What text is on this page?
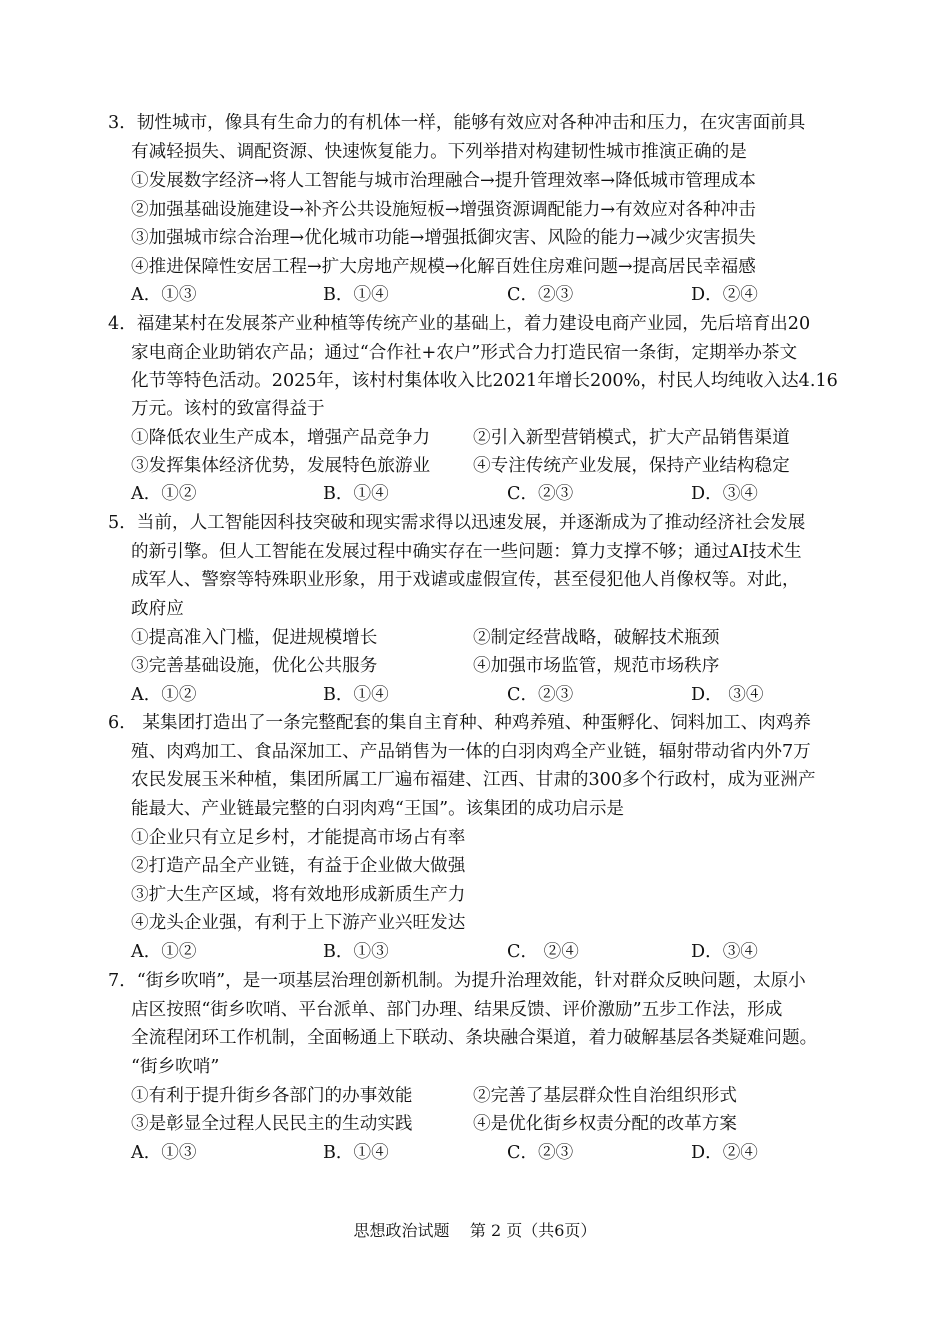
3．韧性城市，像具有生命力的有机体一样，能够有效应对各种冲击和压力，在灾害面前具
有减轻损失、调配资源、快速恢复能力。下列举措对构建韧性城市推演正确的是
①发展数字经济→将人工智能与城市治理融合→提升管理效率→降低城市管理成本
②加强基础设施建设→补齐公共设施短板→增强资源调配能力→有效应对各种冲击
③加强城市综合治理→优化城市功能→增强抵御灾害、风险的能力→减少灾害损失
④推进保障性安居工程→扩大房地产规模→化解百姓住房难问题→提高居民幸福感
A．①③	B．①④	C．②③	D．②④
4．福建某村在发展茶产业种植等传统产业的基础上，着力建设电商产业园，先后培育出20
家电商企业助销农产品；通过“合作社+农户”形式合力打造民宿一条街，定期举办茶文
化节等特色活动。2025年，该村村集体收入比2021年增长200%，村民人均纯收入达4.16
万元。该村的致富得益于
①降低农业生产成本，增强产品竞争力 ②引入新型营销模式，扩大产品销售渠道
③发挥集体经济优势，发展特色旅游业 ④专注传统产业发展，保持产业结构稳定
A．①②	B．①④	C．②③	D．③④
5．当前，人工智能因科技突破和现实需求得以迅速发展，并逐渐成为了推动经济社会发展
的新引擎。但人工智能在发展过程中确实存在一些问题：算力支撑不够；通过AI技术生
成军人、警察等特殊职业形象，用于戏谑或虚假宣传，甚至侵犯他人肖像权等。对此，
政府应
①提高准入门槛，促进规模增长	②制定经营战略，破解技术瓶颈
③完善基础设施，优化公共服务	④加强市场监管，规范市场秩序
A．①②	B．①④	C．②③	D． ③④
6． 某集团打造出了一条完整配套的集自主育种、种鸡养殖、种蛋孵化、饲料加工、肉鸡养
殖、肉鸡加工、食品深加工、产品销售为一体的白羽肉鸡全产业链，辐射带动省内外7万
农民发展玉米种植，集团所属工厂遍布福建、江西、甘肃的300多个行政村，成为亚洲产
能最大、产业链最完整的白羽肉鸡“王国”。该集团的成功启示是
①企业只有立足乡村，才能提高市场占有率
②打造产品全产业链，有益于企业做大做强
③扩大生产区域，将有效地形成新质生产力
④龙头企业强，有利于上下游产业兴旺发达
A．①②	B．①③	C． ②④	D．③④
7．“街乡吹哨”，是一项基层治理创新机制。为提升治理效能，针对群众反映问题，太原小
店区按照“街乡吹哨、平台派单、部门办理、结果反馈、评价激励”五步工作法，形成
全流程闭环工作机制，全面畅通上下联动、条块融合渠道，着力破解基层各类疑难问题。
“街乡吹哨”
①有利于提升街乡各部门的办事效能	②完善了基层群众性自治组织形式
③是彰显全过程人民民主的生动实践	④是优化街乡权责分配的改革方案
A．①③	B．①④	C．②③	D．②④
思想政治试题    第 2 页（共6页）
